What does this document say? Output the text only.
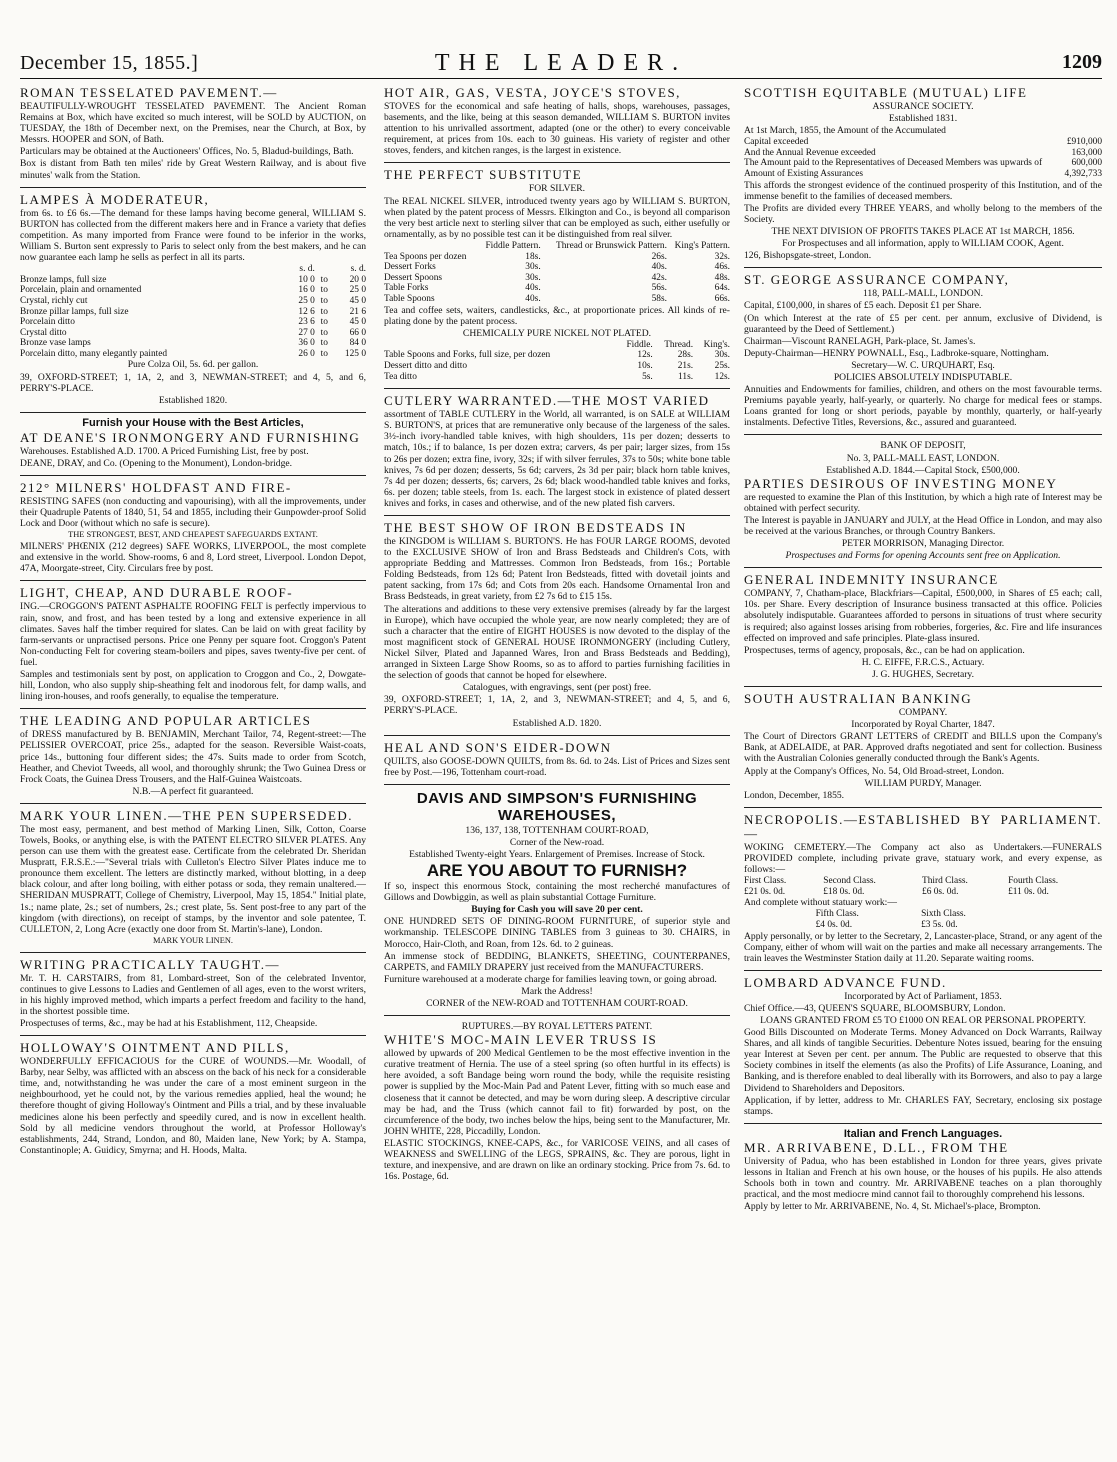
December 15, 1855.]	THE LEADER.	1209

ROMAN TESSELATED PAVEMENT.—

BEAUTIFULLY-WROUGHT TESSELATED PAVEMENT. The Ancient Roman Remains at Box, which have excited so much interest, will be SOLD by AUCTION, on TUESDAY, the 18th of December next, on the Premises, near the Church, at Box, by Messrs. HOOPER and SON, of Bath.

Particulars may be obtained at the Auctioneers' Offices, No. 5, Bladud-buildings, Bath.

Box is distant from Bath ten miles' ride by Great Western Railway, and is about five minutes' walk from the Station.

LAMPES À MODERATEUR,

from 6s. to £6 6s.—The demand for these lamps having become general, WILLIAM S. BURTON has collected from the different makers here and in France a variety that defies competition. As many imported from France were found to be inferior in the works, William S. Burton sent expressly to Paris to select only from the best makers, and he can now guarantee each lamp he sells as perfect in all its parts.

	s. d.		s. d.
Bronze lamps, full size	10 0	to	20 0
Porcelain, plain and ornamented	16 0	to	25 0
Crystal, richly cut	25 0	to	45 0
Bronze pillar lamps, full size	12 6	to	21 6
Porcelain ditto	23 6	to	45 0
Crystal ditto	27 0	to	66 0
Bronze vase lamps	36 0	to	84 0
Porcelain ditto, many elegantly painted	26 0	to	125 0

Pure Colza Oil, 5s. 6d. per gallon.

39, OXFORD-STREET; 1, 1A, 2, and 3, NEWMAN-STREET; and 4, 5, and 6, PERRY'S-PLACE.

Established 1820.

Furnish your House with the Best Articles,

AT DEANE'S IRONMONGERY AND FURNISHING

Warehouses. Established A.D. 1700. A Priced Furnishing List, free by post.

DEANE, DRAY, and Co. (Opening to the Monument), London-bridge.

212° MILNERS' HOLDFAST AND FIRE-

RESISTING SAFES (non conducting and vapourising), with all the improvements, under their Quadruple Patents of 1840, 51, 54 and 1855, including their Gunpowder-proof Solid Lock and Door (without which no safe is secure).

THE STRONGEST, BEST, AND CHEAPEST SAFEGUARDS EXTANT.

MILNERS' PHŒNIX (212 degrees) SAFE WORKS, LIVERPOOL, the most complete and extensive in the world. Show-rooms, 6 and 8, Lord street, Liverpool. London Depot, 47A, Moorgate-street, City. Circulars free by post.

LIGHT, CHEAP, AND DURABLE ROOF-

ING.—CROGGON'S PATENT ASPHALTE ROOFING FELT is perfectly impervious to rain, snow, and frost, and has been tested by a long and extensive experience in all climates. Saves half the timber required for slates. Can be laid on with great facility by farm-servants or unpractised persons. Price one Penny per square foot. Croggon's Patent Non-conducting Felt for covering steam-boilers and pipes, saves twenty-five per cent. of fuel.

Samples and testimonials sent by post, on application to Croggon and Co., 2, Dowgate-hill, London, who also supply ship-sheathing felt and inodorous felt, for damp walls, and lining iron-houses, and roofs generally, to equalise the temperature.

THE LEADING AND POPULAR ARTICLES

of DRESS manufactured by B. BENJAMIN, Merchant Tailor, 74, Regent-street:—The PELISSIER OVERCOAT, price 25s., adapted for the season. Reversible Waist-coats, price 14s., buttoning four different sides; the 47s. Suits made to order from Scotch, Heather, and Cheviot Tweeds, all wool, and thoroughly shrunk; the Two Guinea Dress or Frock Coats, the Guinea Dress Trousers, and the Half-Guinea Waistcoats.

N.B.—A perfect fit guaranteed.

MARK YOUR LINEN.—THE PEN SUPERSEDED.

The most easy, permanent, and best method of Marking Linen, Silk, Cotton, Coarse Towels, Books, or anything else, is with the PATENT ELECTRO SILVER PLATES. Any person can use them with the greatest ease. Certificate from the celebrated Dr. Sheridan Muspratt, F.R.S.E.:—"Several trials with Culleton's Electro Silver Plates induce me to pronounce them excellent. The letters are distinctly marked, without blotting, in a deep black colour, and after long boiling, with either potass or soda, they remain unaltered.—SHERIDAN MUSPRATT, College of Chemistry, Liverpool, May 15, 1854." Initial plate, 1s.; name plate, 2s.; set of numbers, 2s.; crest plate, 5s. Sent post-free to any part of the kingdom (with directions), on receipt of stamps, by the inventor and sole patentee, T. CULLETON, 2, Long Acre (exactly one door from St. Martin's-lane), London.

MARK YOUR LINEN.

WRITING PRACTICALLY TAUGHT.—

Mr. T. H. CARSTAIRS, from 81, Lombard-street, Son of the celebrated Inventor, continues to give Lessons to Ladies and Gentlemen of all ages, even to the worst writers, in his highly improved method, which imparts a perfect freedom and facility to the hand, in the shortest possible time.

Prospectuses of terms, &c., may be had at his Establishment, 112, Cheapside.

HOLLOWAY'S OINTMENT AND PILLS,

WONDERFULLY EFFICACIOUS for the CURE of WOUNDS.—Mr. Woodall, of Barby, near Selby, was afflicted with an abscess on the back of his neck for a considerable time, and, notwithstanding he was under the care of a most eminent surgeon in the neighbourhood, yet he could not, by the various remedies applied, heal the wound; he therefore thought of giving Holloway's Ointment and Pills a trial, and by these invaluable medicines alone his been perfectly and speedily cured, and is now in excellent health. Sold by all medicine vendors throughout the world, at Professor Holloway's establishments, 244, Strand, London, and 80, Maiden lane, New York; by A. Stampa, Constantinople; A. Guidicy, Smyrna; and H. Hoods, Malta.

HOT AIR, GAS, VESTA, JOYCE'S STOVES,

STOVES for the economical and safe heating of halls, shops, warehouses, passages, basements, and the like, being at this season demanded, WILLIAM S. BURTON invites attention to his unrivalled assortment, adapted (one or the other) to every conceivable requirement, at prices from 10s. each to 30 guineas. His variety of register and other stoves, fenders, and kitchen ranges, is the largest in existence.

THE PERFECT SUBSTITUTE

FOR SILVER.

The REAL NICKEL SILVER, introduced twenty years ago by WILLIAM S. BURTON, when plated by the patent process of Messrs. Elkington and Co., is beyond all comparison the very best article next to sterling silver that can be employed as such, either usefully or ornamentally, as by no possible test can it be distinguished from real silver.

	Fiddle Pattern.	Thread or Brunswick Pattern.	King's Pattern.
Tea Spoons per dozen	18s.	26s.	32s.
Dessert Forks	30s.	40s.	46s.
Dessert Spoons	30s.	42s.	48s.
Table Forks	40s.	56s.	64s.
Table Spoons	40s.	58s.	66s.

Tea and coffee sets, waiters, candlesticks, &c., at proportionate prices. All kinds of re-plating done by the patent process.

CHEMICALLY PURE NICKEL NOT PLATED.

	Fiddle.	Thread.	King's.
Table Spoons and Forks, full size, per dozen	12s.	28s.	30s.
Dessert ditto and ditto	10s.	21s.	25s.
Tea ditto	5s.	11s.	12s.

CUTLERY WARRANTED.—THE MOST VARIED

assortment of TABLE CUTLERY in the World, all warranted, is on SALE at WILLIAM S. BURTON'S, at prices that are remunerative only because of the largeness of the sales. 3½-inch ivory-handled table knives, with high shoulders, 11s per dozen; desserts to match, 10s.; if to balance, 1s per dozen extra; carvers, 4s per pair; larger sizes, from 15s to 26s per dozen; extra fine, ivory, 32s; if with silver ferrules, 37s to 50s; white bone table knives, 7s 6d per dozen; desserts, 5s 6d; carvers, 2s 3d per pair; black horn table knives, 7s 4d per dozen; desserts, 6s; carvers, 2s 6d; black wood-handled table knives and forks, 6s. per dozen; table steels, from 1s. each. The largest stock in existence of plated dessert knives and forks, in cases and otherwise, and of the new plated fish carvers.

THE BEST SHOW OF IRON BEDSTEADS IN

the KINGDOM is WILLIAM S. BURTON'S. He has FOUR LARGE ROOMS, devoted to the EXCLUSIVE SHOW of Iron and Brass Bedsteads and Children's Cots, with appropriate Bedding and Mattresses. Common Iron Bedsteads, from 16s.; Portable Folding Bedsteads, from 12s 6d; Patent Iron Bedsteads, fitted with dovetail joints and patent sacking, from 17s 6d; and Cots from 20s each. Handsome Ornamental Iron and Brass Bedsteads, in great variety, from £2 7s 6d to £15 15s.

The alterations and additions to these very extensive premises (already by far the largest in Europe), which have occupied the whole year, are now nearly completed; they are of such a character that the entire of EIGHT HOUSES is now devoted to the display of the most magnificent stock of GENERAL HOUSE IRONMONGERY (including Cutlery, Nickel Silver, Plated and Japanned Wares, Iron and Brass Bedsteads and Bedding), arranged in Sixteen Large Show Rooms, so as to afford to parties furnishing facilities in the selection of goods that cannot be hoped for elsewhere.

Catalogues, with engravings, sent (per post) free.

39, OXFORD-STREET; 1, 1A, 2, and 3, NEWMAN-STREET; and 4, 5, and 6, PERRY'S-PLACE.

Established A.D. 1820.

HEAL AND SON'S EIDER-DOWN

QUILTS, also GOOSE-DOWN QUILTS, from 8s. 6d. to 24s. List of Prices and Sizes sent free by Post.—196, Tottenham court-road.

DAVIS AND SIMPSON'S FURNISHING WAREHOUSES,

136, 137, 138, TOTTENHAM COURT-ROAD,

Corner of the New-road.

Established Twenty-eight Years. Enlargement of Premises. Increase of Stock.

ARE YOU ABOUT TO FURNISH?

If so, inspect this enormous Stock, containing the most recherché manufactures of Gillows and Dowbiggin, as well as plain substantial Cottage Furniture.

Buying for Cash you will save 20 per cent.

ONE HUNDRED SETS OF DINING-ROOM FURNITURE, of superior style and workmanship. TELESCOPE DINING TABLES from 3 guineas to 30. CHAIRS, in Morocco, Hair-Cloth, and Roan, from 12s. 6d. to 2 guineas.

An immense stock of BEDDING, BLANKETS, SHEETING, COUNTERPANES, CARPETS, and FAMILY DRAPERY just received from the MANUFACTURERS.

Furniture warehoused at a moderate charge for families leaving town, or going abroad.

Mark the Address!

CORNER of the NEW-ROAD and TOTTENHAM COURT-ROAD.

RUPTURES.—BY ROYAL LETTERS PATENT.

WHITE'S MOC-MAIN LEVER TRUSS IS

allowed by upwards of 200 Medical Gentlemen to be the most effective invention in the curative treatment of Hernia. The use of a steel spring (so often hurtful in its effects) is here avoided, a soft Bandage being worn round the body, while the requisite resisting power is supplied by the Moc-Main Pad and Patent Lever, fitting with so much ease and closeness that it cannot be detected, and may be worn during sleep. A descriptive circular may be had, and the Truss (which cannot fail to fit) forwarded by post, on the circumference of the body, two inches below the hips, being sent to the Manufacturer, Mr. JOHN WHITE, 228, Piccadilly, London.

ELASTIC STOCKINGS, KNEE-CAPS, &c., for VARICOSE VEINS, and all cases of WEAKNESS and SWELLING of the LEGS, SPRAINS, &c. They are porous, light in texture, and inexpensive, and are drawn on like an ordinary stocking. Price from 7s. 6d. to 16s. Postage, 6d.

SCOTTISH EQUITABLE (MUTUAL) LIFE

ASSURANCE SOCIETY.

Established 1831.

At 1st March, 1855, the Amount of the Accumulated

Capital exceeded	£910,000
And the Annual Revenue exceeded	163,000
The Amount paid to the Representatives of Deceased Members was upwards of	600,000
Amount of Existing Assurances	4,392,733

This affords the strongest evidence of the continued prosperity of this Institution, and of the immense benefit to the families of deceased members.

The Profits are divided every THREE YEARS, and wholly belong to the members of the Society.

THE NEXT DIVISION OF PROFITS TAKES PLACE AT 1st MARCH, 1856.

For Prospectuses and all information, apply to WILLIAM COOK, Agent.

126, Bishopsgate-street, London.

ST. GEORGE ASSURANCE COMPANY,

118, PALL-MALL, LONDON.

Capital, £100,000, in shares of £5 each. Deposit £1 per Share.

(On which Interest at the rate of £5 per cent. per annum, exclusive of Dividend, is guaranteed by the Deed of Settlement.)

Chairman—Viscount RANELAGH, Park-place, St. James's.

Deputy-Chairman—HENRY POWNALL, Esq., Ladbroke-square, Nottingham.

Secretary—W. C. URQUHART, Esq.

POLICIES ABSOLUTELY INDISPUTABLE.

Annuities and Endowments for families, children, and others on the most favourable terms. Premiums payable yearly, half-yearly, or quarterly. No charge for medical fees or stamps. Loans granted for long or short periods, payable by monthly, quarterly, or half-yearly instalments. Defective Titles, Reversions, &c., assured and guaranteed.

BANK OF DEPOSIT,

No. 3, PALL-MALL EAST, LONDON.

Established A.D. 1844.—Capital Stock, £500,000.

PARTIES DESIROUS OF INVESTING MONEY

are requested to examine the Plan of this Institution, by which a high rate of Interest may be obtained with perfect security.

The Interest is payable in JANUARY and JULY, at the Head Office in London, and may also be received at the various Branches, or through Country Bankers.

PETER MORRISON, Managing Director.

Prospectuses and Forms for opening Accounts sent free on Application.

GENERAL INDEMNITY INSURANCE

COMPANY, 7, Chatham-place, Blackfriars—Capital, £500,000, in Shares of £5 each; call, 10s. per Share. Every description of Insurance business transacted at this office. Policies absolutely indisputable. Guarantees afforded to persons in situations of trust where security is required; also against losses arising from robberies, forgeries, &c. Fire and life insurances effected on improved and safe principles. Plate-glass insured.

Prospectuses, terms of agency, proposals, &c., can be had on application.

H. C. EIFFE, F.R.C.S., Actuary.

J. G. HUGHES, Secretary.

SOUTH AUSTRALIAN BANKING

COMPANY.

Incorporated by Royal Charter, 1847.

The Court of Directors GRANT LETTERS of CREDIT and BILLS upon the Company's Bank, at ADELAIDE, at PAR. Approved drafts negotiated and sent for collection. Business with the Australian Colonies generally conducted through the Bank's Agents.

Apply at the Company's Offices, No. 54, Old Broad-street, London.

WILLIAM PURDY, Manager.

London, December, 1855.

NECROPOLIS.—ESTABLISHED BY PARLIAMENT.—

WOKING CEMETERY.—The Company act also as Undertakers.—FUNERALS PROVIDED complete, including private grave, statuary work, and every expense, as follows:—

First Class.	Second Class.	Third Class.	Fourth Class.
£21 0s. 0d.	£18 0s. 0d.	£6 0s. 0d.	£11 0s. 0d.

And complete without statuary work:—

Fifth Class.	Sixth Class.
£4 0s. 0d.	£3 5s. 0d.

Apply personally, or by letter to the Secretary, 2, Lancaster-place, Strand, or any agent of the Company, either of whom will wait on the parties and make all necessary arrangements. The train leaves the Westminster Station daily at 11.20. Separate waiting rooms.

LOMBARD ADVANCE FUND.

Incorporated by Act of Parliament, 1853.

Chief Office.—43, QUEEN'S SQUARE, BLOOMSBURY, London.

LOANS GRANTED FROM £5 TO £1000 ON REAL OR PERSONAL PROPERTY.

Good Bills Discounted on Moderate Terms. Money Advanced on Dock Warrants, Railway Shares, and all kinds of tangible Securities. Debenture Notes issued, bearing for the ensuing year Interest at Seven per cent. per annum. The Public are requested to observe that this Society combines in itself the elements (as also the Profits) of Life Assurance, Loaning, and Banking, and is therefore enabled to deal liberally with its Borrowers, and also to pay a large Dividend to Shareholders and Depositors.

Application, if by letter, address to Mr. CHARLES FAY, Secretary, enclosing six postage stamps.

Italian and French Languages.

MR. ARRIVABENE, D.LL., FROM THE

University of Padua, who has been established in London for three years, gives private lessons in Italian and French at his own house, or the houses of his pupils. He also attends Schools both in town and country. Mr. ARRIVABENE teaches on a plan thoroughly practical, and the most mediocre mind cannot fail to thoroughly comprehend his lessons.

Apply by letter to Mr. ARRIVABENE, No. 4, St. Michael's-place, Brompton.
